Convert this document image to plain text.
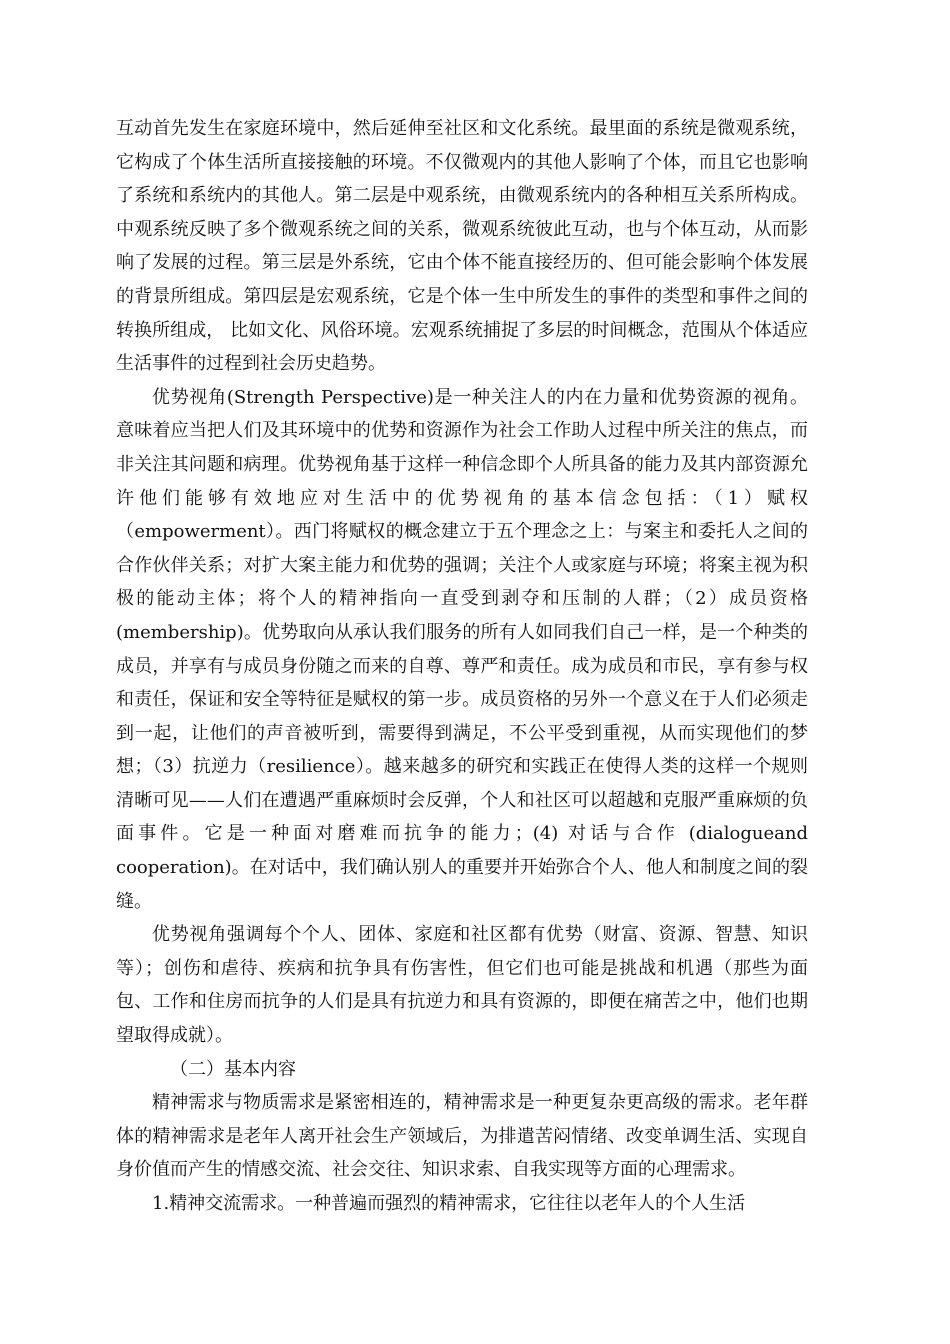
互动首先发生在家庭环境中，然后延伸至社区和文化系统。最里面的系统是微观系统，它构成了个体生活所直接接触的环境。不仅微观内的其他人影响了个体，而且它也影响了系统和系统内的其他人。第二层是中观系统，由微观系统内的各种相互关系所构成。中观系统反映了多个微观系统之间的关系，微观系统彼此互动，也与个体互动，从而影响了发展的过程。第三层是外系统，它由个体不能直接经历的、但可能会影响个体发展的背景所组成。第四层是宏观系统，它是个体一生中所发生的事件的类型和事件之间的转换所组成， 比如文化、风俗环境。宏观系统捕捉了多层的时间概念，范围从个体适应生活事件的过程到社会历史趋势。

优势视角(Strength Perspective)是一种关注人的内在力量和优势资源的视角。意味着应当把人们及其环境中的优势和资源作为社会工作助人过程中所关注的焦点，而非关注其问题和病理。优势视角基于这样一种信念即个人所具备的能力及其内部资源允许他们能够有效地应对生活中的优势视角的基本信念包括：（1）赋权（empowerment）。西门将赋权的概念建立于五个理念之上：与案主和委托人之间的合作伙伴关系；对扩大案主能力和优势的强调；关注个人或家庭与环境；将案主视为积极的能动主体；将个人的精神指向一直受到剥夺和压制的人群；（2）成员资格 (membership)。优势取向从承认我们服务的所有人如同我们自己一样，是一个种类的成员，并享有与成员身份随之而来的自尊、尊严和责任。成为成员和市民，享有参与权和责任，保证和安全等特征是赋权的第一步。成员资格的另外一个意义在于人们必须走到一起，让他们的声音被听到，需要得到满足，不公平受到重视，从而实现他们的梦想；（3）抗逆力（resilience）。越来越多的研究和实践正在使得人类的这样一个规则清晰可见——人们在遭遇严重麻烦时会反弹，个人和社区可以超越和克服严重麻烦的负面事件。它是一种面对磨难而抗争的能力；(4) 对话与合作 (dialogueand cooperation)。在对话中，我们确认别人的重要并开始弥合个人、他人和制度之间的裂缝。

优势视角强调每个个人、团体、家庭和社区都有优势（财富、资源、智慧、知识等）；创伤和虐待、疾病和抗争具有伤害性，但它们也可能是挑战和机遇（那些为面包、工作和住房而抗争的人们是具有抗逆力和具有资源的，即便在痛苦之中，他们也期望取得成就）。

（二）基本内容

精神需求与物质需求是紧密相连的，精神需求是一种更复杂更高级的需求。老年群体的精神需求是老年人离开社会生产领域后，为排遣苦闷情绪、改变单调生活、实现自身价值而产生的情感交流、社会交往、知识求索、自我实现等方面的心理需求。

1.精神交流需求。一种普遍而强烈的精神需求，它往往以老年人的个人生活
